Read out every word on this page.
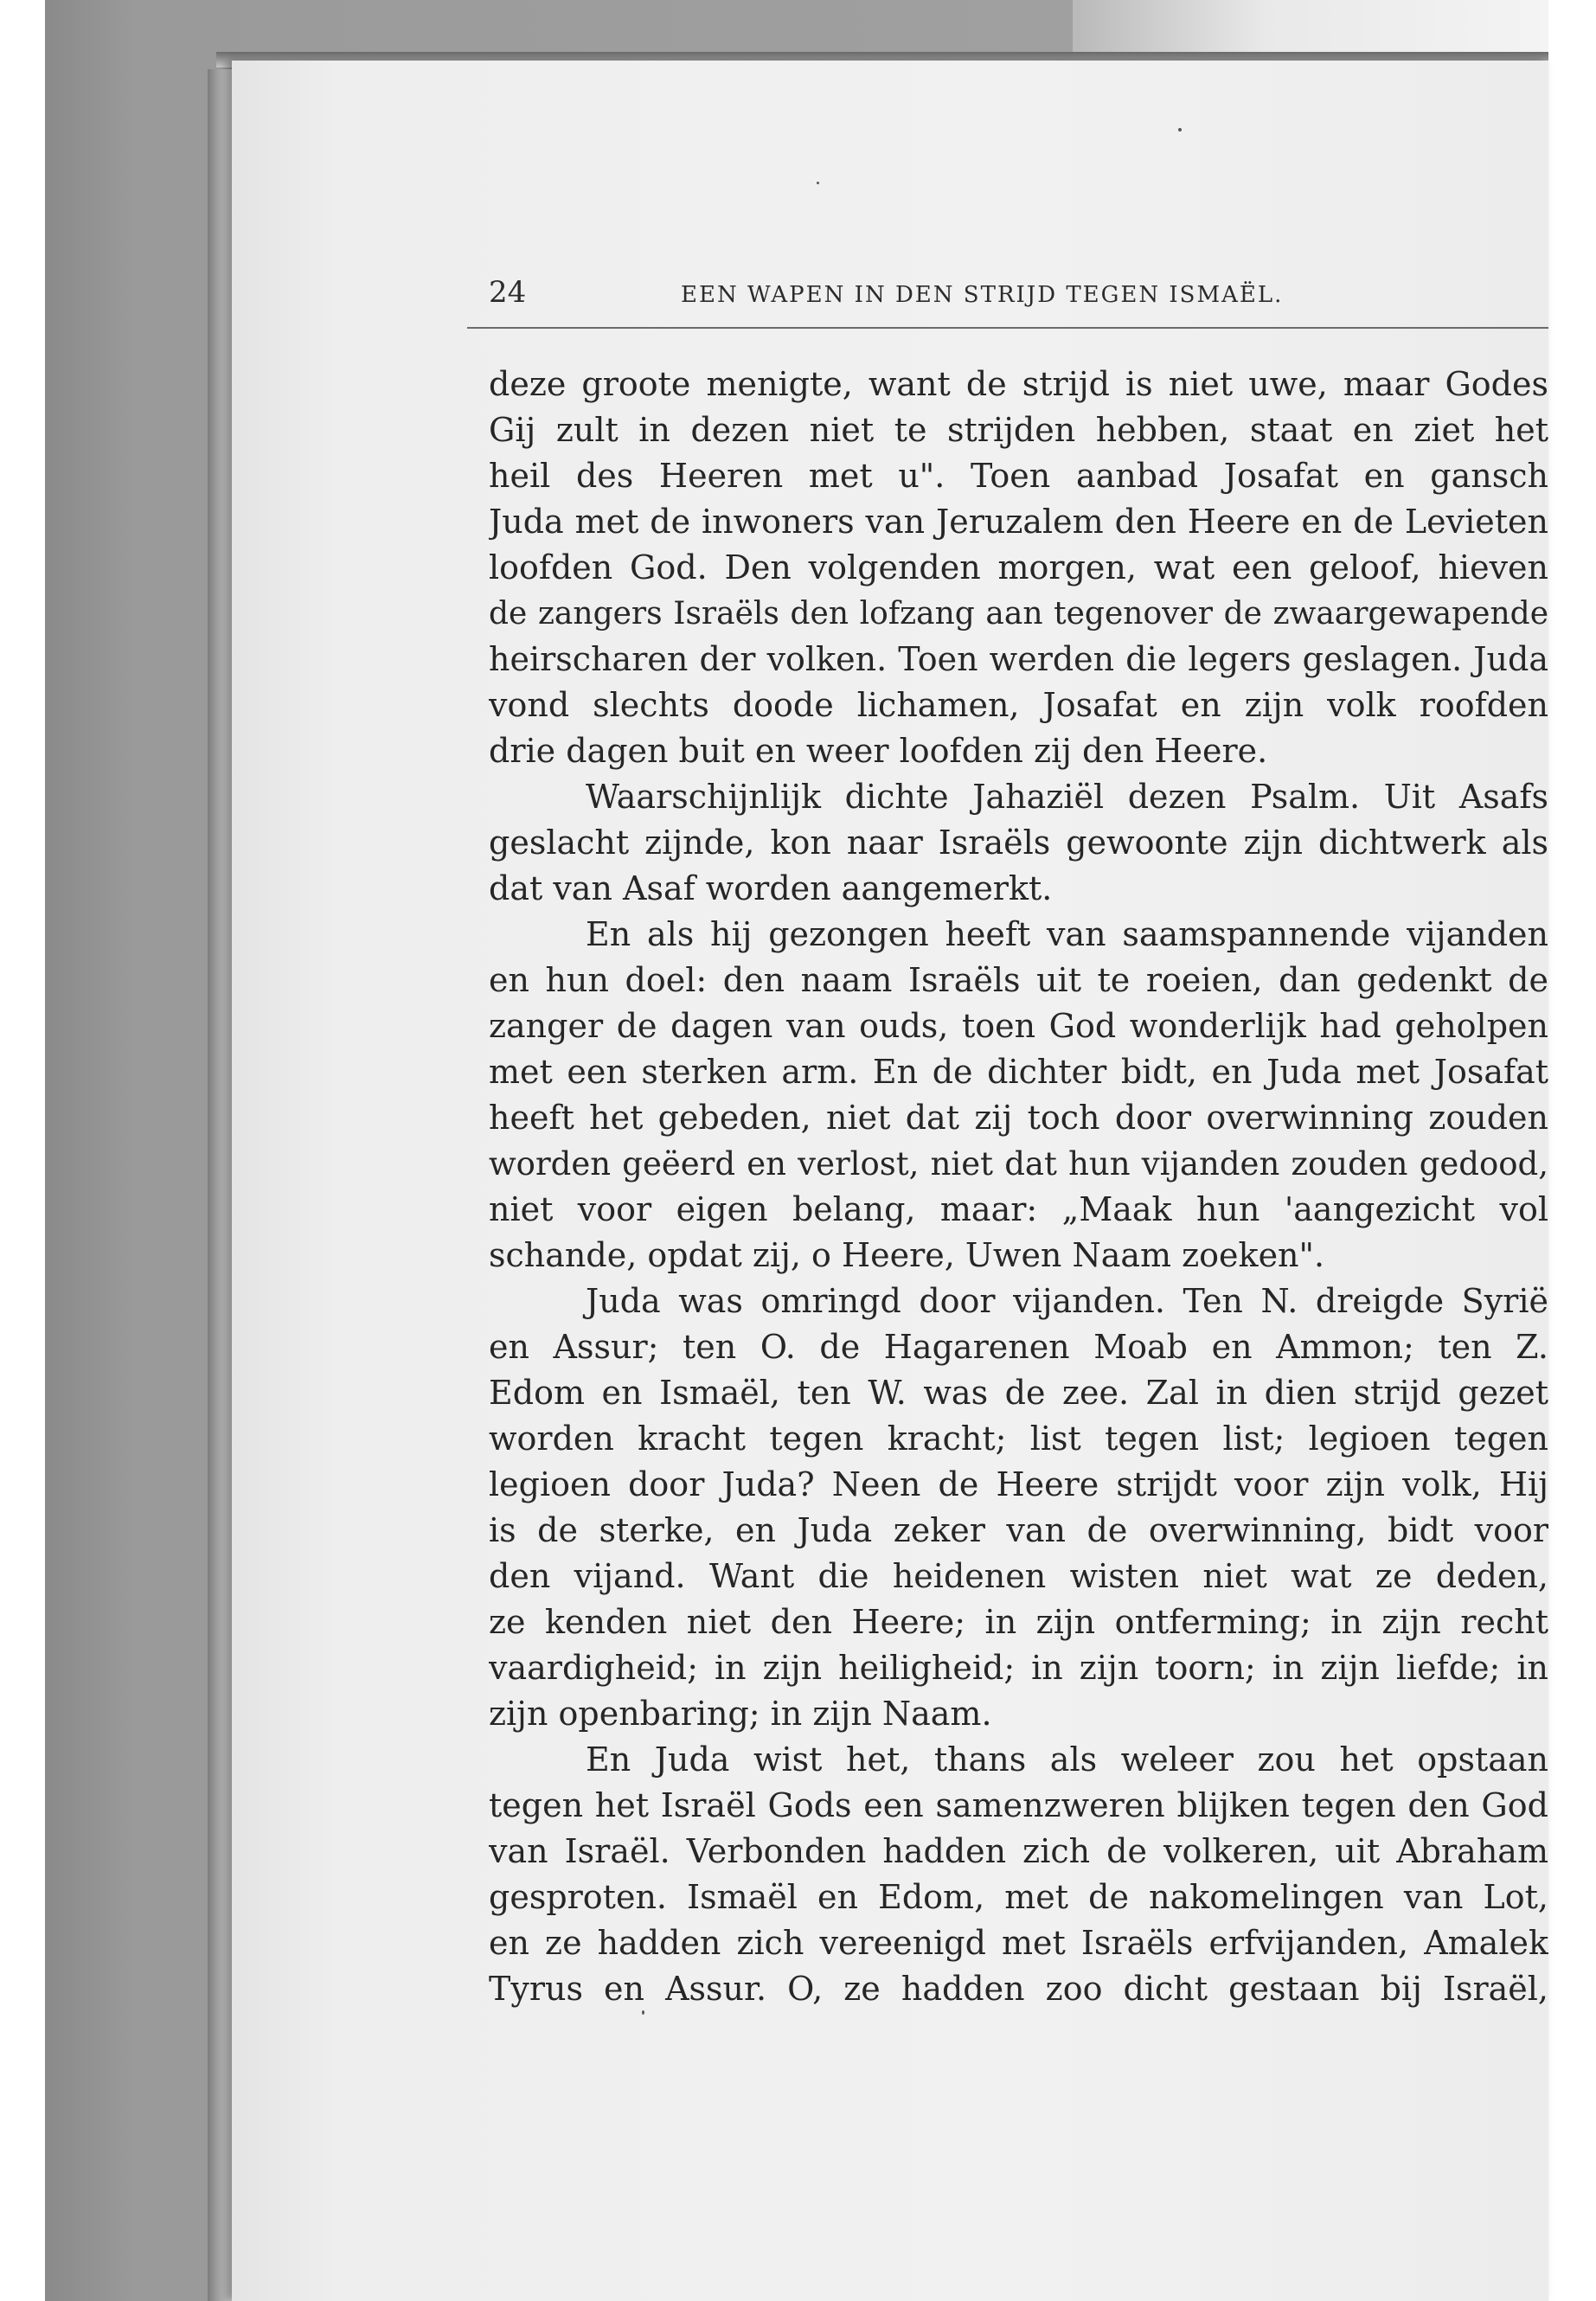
24	EEN WAPEN IN DEN STRIJD TEGEN ISMAËL.
deze groote menigte, want de strijd is niet uwe, maar Godes
Gij zult in dezen niet te strijden hebben, staat en ziet het
heil des Heeren met u". Toen aanbad Josafat en gansch
Juda met de inwoners van Jeruzalem den Heere en de Levieten
loofden God. Den volgenden morgen, wat een geloof, hieven
de zangers Israëls den lofzang aan tegenover de zwaargewapende
heirscharen der volken. Toen werden die legers geslagen. Juda
vond slechts doode lichamen, Josafat en zijn volk roofden
drie dagen buit en weer loofden zij den Heere.
Waarschijnlijk dichte Jahaziël dezen Psalm. Uit Asafs
geslacht zijnde, kon naar Israëls gewoonte zijn dichtwerk als
dat van Asaf worden aangemerkt.
En als hij gezongen heeft van saamspannende vijanden
en hun doel: den naam Israëls uit te roeien, dan gedenkt de
zanger de dagen van ouds, toen God wonderlijk had geholpen
met een sterken arm. En de dichter bidt, en Juda met Josafat
heeft het gebeden, niet dat zij toch door overwinning zouden
worden geëerd en verlost, niet dat hun vijanden zouden gedood,
niet voor eigen belang, maar: „Maak hun 'aangezicht vol
schande, opdat zij, o Heere, Uwen Naam zoeken".
Juda was omringd door vijanden. Ten N. dreigde Syrië
en Assur; ten O. de Hagarenen Moab en Ammon; ten Z.
Edom en Ismaël, ten W. was de zee. Zal in dien strijd gezet
worden kracht tegen kracht; list tegen list; legioen tegen
legioen door Juda? Neen de Heere strijdt voor zijn volk, Hij
is de sterke, en Juda zeker van de overwinning, bidt voor
den vijand. Want die heidenen wisten niet wat ze deden,
ze kenden niet den Heere; in zijn ontferming; in zijn recht
vaardigheid; in zijn heiligheid; in zijn toorn; in zijn liefde; in
zijn openbaring; in zijn Naam.
En Juda wist het, thans als weleer zou het opstaan
tegen het Israël Gods een samenzweren blijken tegen den God
van Israël. Verbonden hadden zich de volkeren, uit Abraham
gesproten. Ismaël en Edom, met de nakomelingen van Lot,
en ze hadden zich vereenigd met Israëls erfvijanden, Amalek
Tyrus en Assur. O, ze hadden zoo dicht gestaan bij Israël,
